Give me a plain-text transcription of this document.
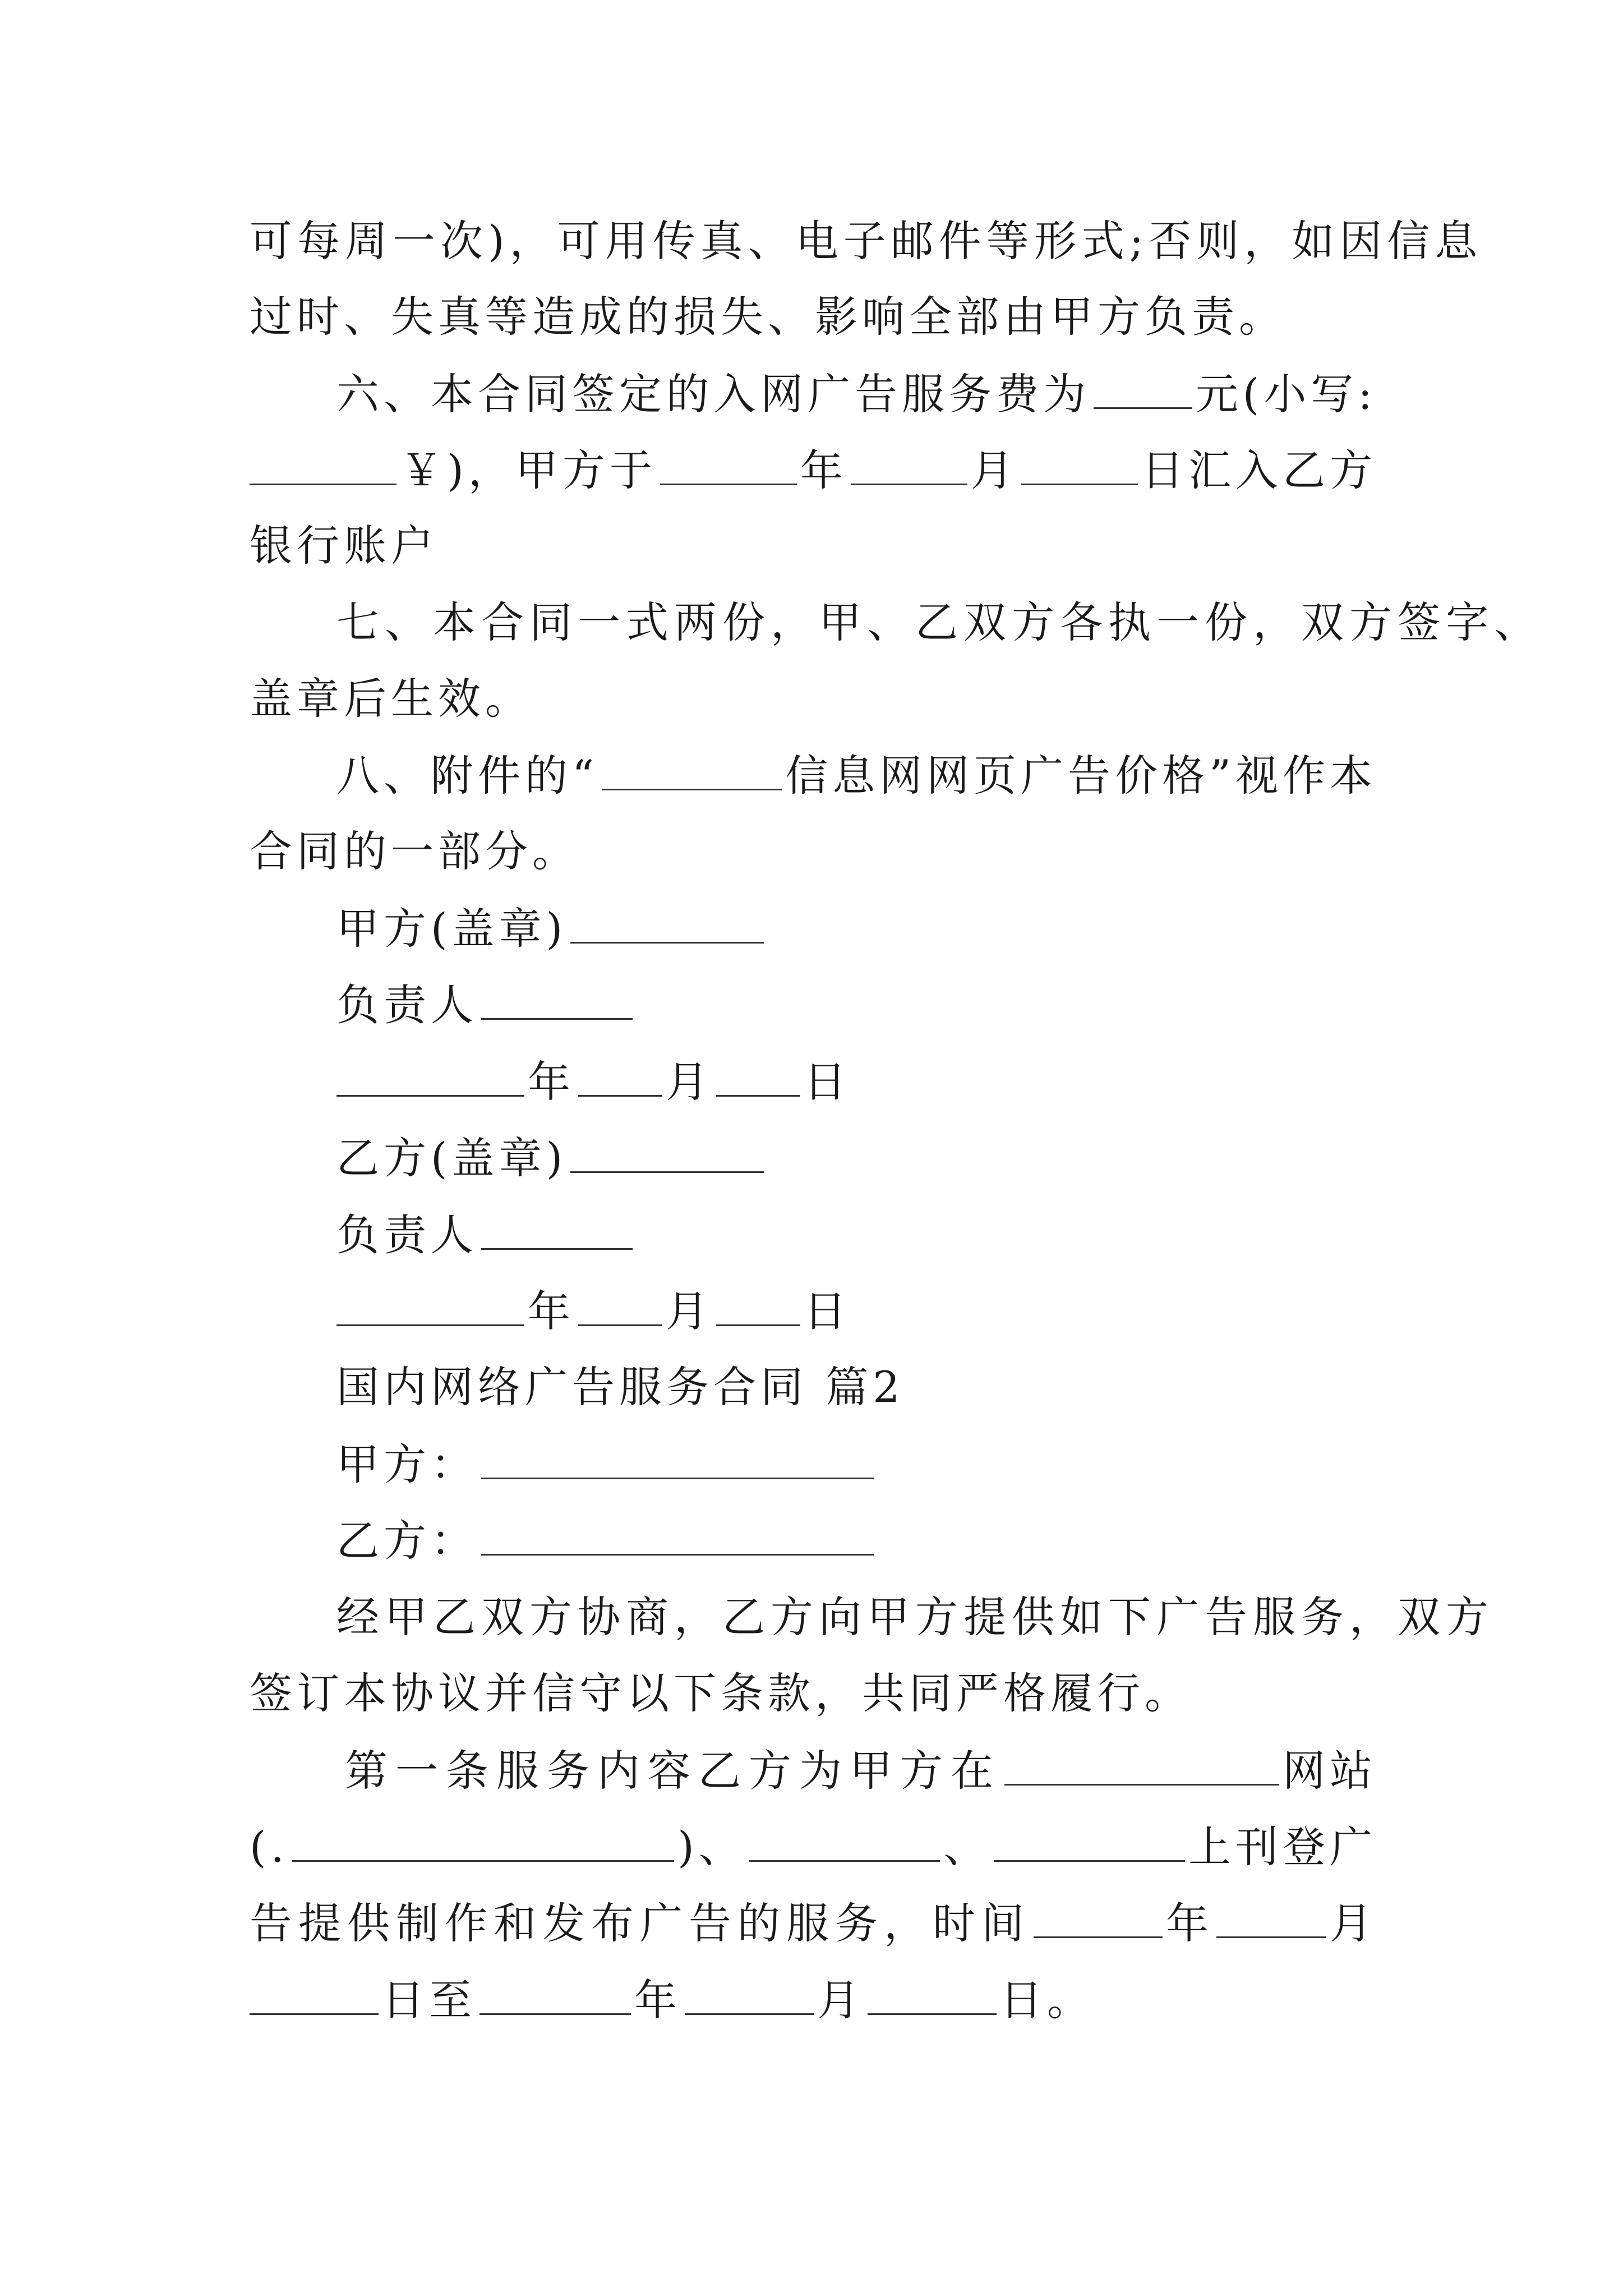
可每周一次)，可用传真、电子邮件等形式;否则，如因信息
过时、失真等造成的损失、影响全部由甲方负责。
六、本合同签定的入网广告服务费为 元(小写:
￥)，甲方于	年	月	日汇入乙方
银行账户
七、本合同一式两份，甲、乙双方各执一份，双方签字、
盖章后生效。
八、附件的“	信息网网页广告价格”视作本
合同的一部分。
甲方(盖章)
负责人
年 月 日
乙方(盖章)
负责人
年 月 日
国内网络广告服务合同 篇2
甲方：
乙方：
经甲乙双方协商，乙方向甲方提供如下广告服务，双方
签订本协议并信守以下条款，共同严格履行。
第一条服务内容乙方为甲方在	网站
(.	)、	、	上刊登广
告提供制作和发布广告的服务，时间	年	月
日至	年	月	日。
